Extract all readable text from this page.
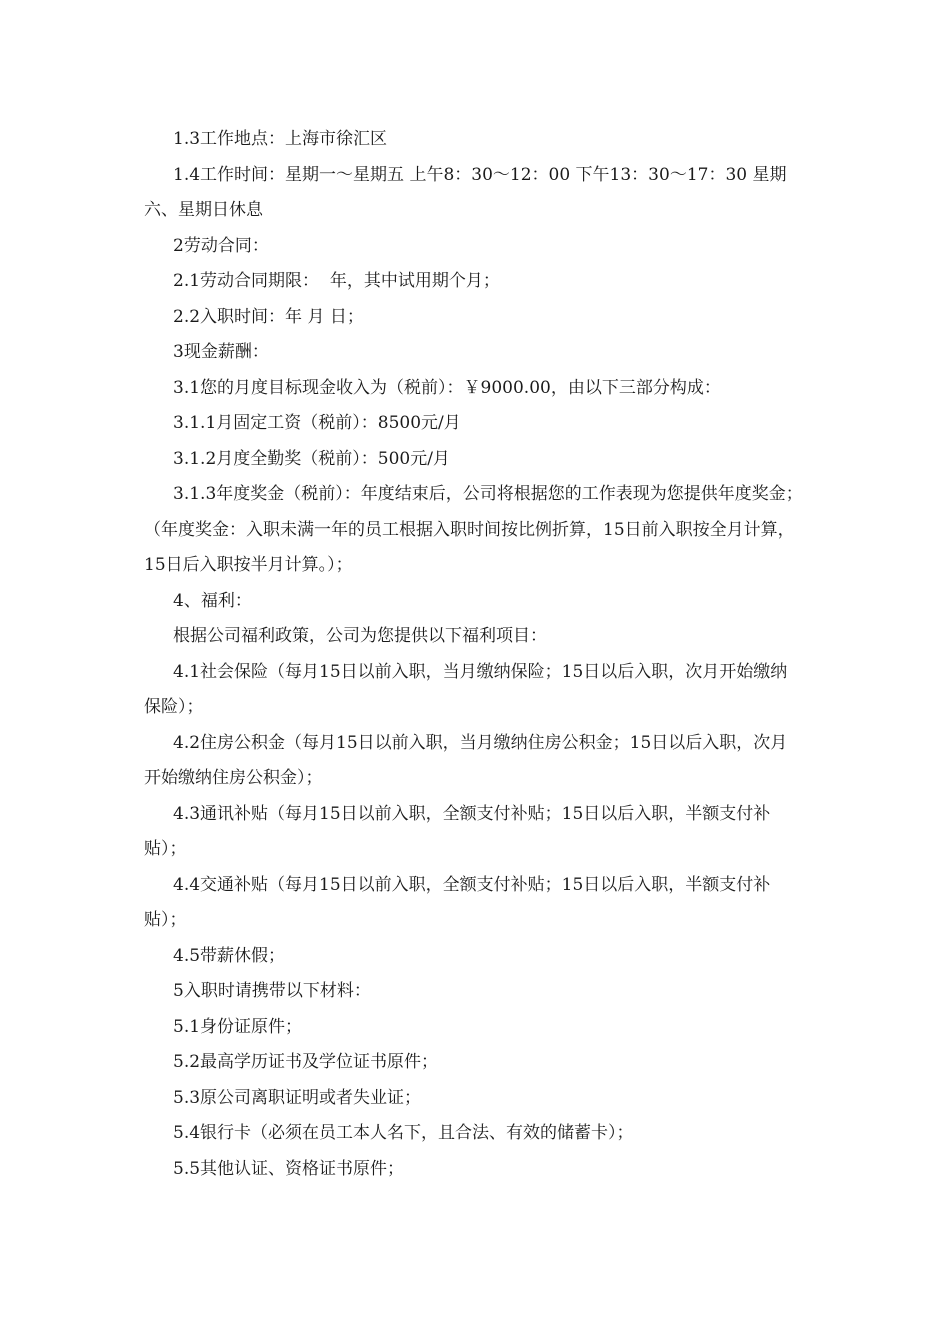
1.3工作地点：上海市徐汇区

1.4工作时间：星期一～星期五 上午8：30～12：00 下午13：30～17：30 星期六、星期日休息

2劳动合同：

2.1劳动合同期限：  年，其中试用期个月；

2.2入职时间：年 月 日；

3现金薪酬：

3.1您的月度目标现金收入为（税前）：￥9000.00，由以下三部分构成：

3.1.1月固定工资（税前）：8500元/月

3.1.2月度全勤奖（税前）：500元/月

3.1.3年度奖金（税前）：年度结束后，公司将根据您的工作表现为您提供年度奖金；  （年度奖金：入职未满一年的员工根据入职时间按比例折算，15日前入职按全月计算，15日后入职按半月计算。）；

4、福利：

根据公司福利政策，公司为您提供以下福利项目：

4.1社会保险（每月15日以前入职，当月缴纳保险；15日以后入职，次月开始缴纳保险）；

4.2住房公积金（每月15日以前入职，当月缴纳住房公积金；15日以后入职，次月开始缴纳住房公积金）；

4.3通讯补贴（每月15日以前入职，全额支付补贴；15日以后入职，半额支付补贴）；

4.4交通补贴（每月15日以前入职，全额支付补贴；15日以后入职，半额支付补贴）；

4.5带薪休假；

5入职时请携带以下材料：

5.1身份证原件；

5.2最高学历证书及学位证书原件；

5.3原公司离职证明或者失业证；

5.4银行卡（必须在员工本人名下，且合法、有效的储蓄卡）；

5.5其他认证、资格证书原件；
